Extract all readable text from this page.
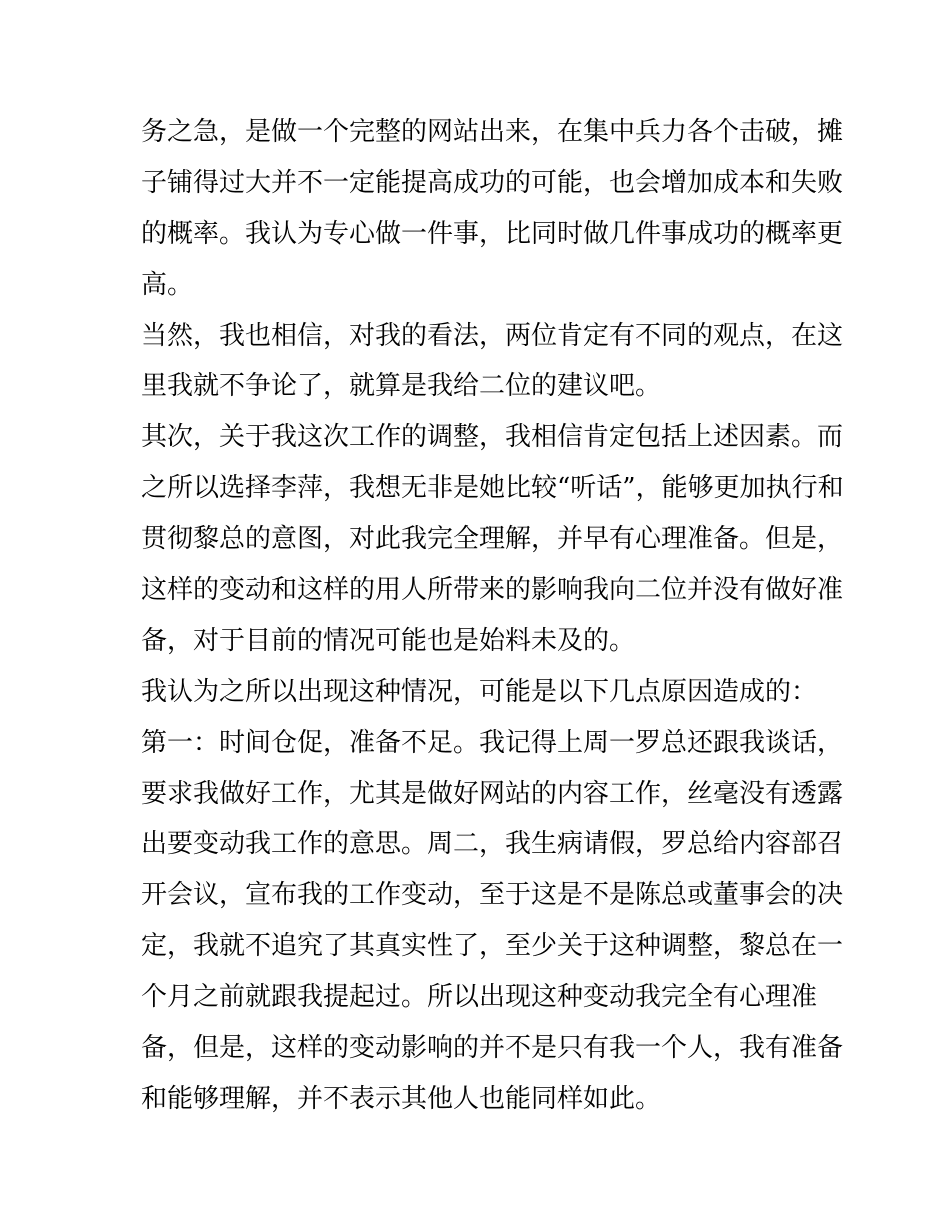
务之急，是做一个完整的网站出来，在集中兵力各个击破，摊
子铺得过大并不一定能提高成功的可能，也会增加成本和失败
的概率。我认为专心做一件事，比同时做几件事成功的概率更
高。
当然，我也相信，对我的看法，两位肯定有不同的观点，在这
里我就不争论了，就算是我给二位的建议吧。
其次，关于我这次工作的调整，我相信肯定包括上述因素。而
之所以选择李萍，我想无非是她比较“听话”，能够更加执行和
贯彻黎总的意图，对此我完全理解，并早有心理准备。但是，
这样的变动和这样的用人所带来的影响我向二位并没有做好准
备，对于目前的情况可能也是始料未及的。
我认为之所以出现这种情况，可能是以下几点原因造成的：
第一：时间仓促，准备不足。我记得上周一罗总还跟我谈话，
要求我做好工作，尤其是做好网站的内容工作，丝毫没有透露
出要变动我工作的意思。周二，我生病请假，罗总给内容部召
开会议，宣布我的工作变动，至于这是不是陈总或董事会的决
定，我就不追究了其真实性了，至少关于这种调整，黎总在一
个月之前就跟我提起过。所以出现这种变动我完全有心理准
备，但是，这样的变动影响的并不是只有我一个人，我有准备
和能够理解，并不表示其他人也能同样如此。
